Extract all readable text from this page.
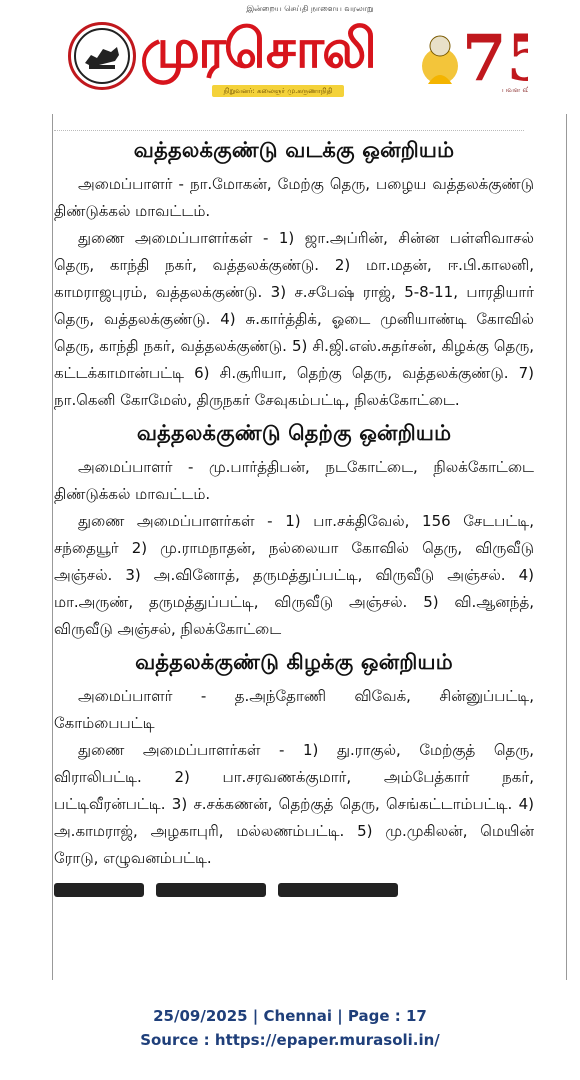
இன்றைய செய்தி நாளைய வரலாறு
முரசொலி
நிறுவனர்: கலைஞர் மு.கருணாநிதி 7
பவள வி
வத்தலக்குண்டு வடக்கு ஒன்றியம்

அமைப்பாளர் - நா.மோகன், மேற்கு தெரு, பழைய வத்தலக்குண்டு திண்டுக்கல் மாவட்டம்.

துணை அமைப்பாளர்கள் - 1) ஜா.அப்ரின், சின்ன பள்ளிவாசல் தெரு, காந்தி நகர், வத்தலக்குண்டு. 2) மா.மதன், ஈ.பி.காலனி, காமராஜபுரம், வத்தலக்குண்டு. 3) ச.சபேஷ் ராஜ், 5-8-11, பாரதியார் தெரு, வத்தலக்குண்டு. 4) சு.கார்த்திக், ஓடை முனியாண்டி கோவில் தெரு, காந்தி நகர், வத்தலக்குண்டு. 5) சி.ஜி.எஸ்.சுதர்சன், கிழக்கு தெரு, கட்டக்காமான்பட்டி 6) சி.சூரியா, தெற்கு தெரு, வத்தலக்குண்டு. 7) நா.கெனி கோமேஸ், திருநகர் சேவுகம்பட்டி, நிலக்கோட்டை.

வத்தலக்குண்டு தெற்கு ஒன்றியம்

அமைப்பாளர் - மு.பார்த்திபன், நடகோட்டை, நிலக்கோட்டை திண்டுக்கல் மாவட்டம்.

துணை அமைப்பாளர்கள் - 1) பா.சக்திவேல், 156 சேடபட்டி, சந்தையூர் 2) மு.ராமநாதன், நல்லையா கோவில் தெரு, விருவீடு அஞ்சல். 3) அ.வினோத், தருமத்துப்பட்டி, விருவீடு அஞ்சல். 4) மா.அருண், தருமத்துப்பட்டி, விருவீடு அஞ்சல். 5) வி.ஆனந்த், விருவீடு அஞ்சல், நிலக்கோட்டை

வத்தலக்குண்டு கிழக்கு ஒன்றியம்

அமைப்பாளர் - த.அந்தோணி விவேக், சின்னுப்பட்டி, கோம்பைபட்டி

துணை அமைப்பாளர்கள் - 1) து.ராகுல், மேற்குத் தெரு, விராலிபட்டி. 2) பா.சரவணக்குமார், அம்பேத்கார் நகர், பட்டிவீரன்பட்டி. 3) ச.சக்கணன், தெற்குத் தெரு, செங்கட்டாம்பட்டி. 4) அ.காமராஜ், அழகாபுரி, மல்லணம்பட்டி. 5) மு.முகிலன், மெயின் ரோடு, எழுவனம்பட்டி.

25/09/2025 | Chennai | Page : 17
Source : https://epaper.murasoli.in/
